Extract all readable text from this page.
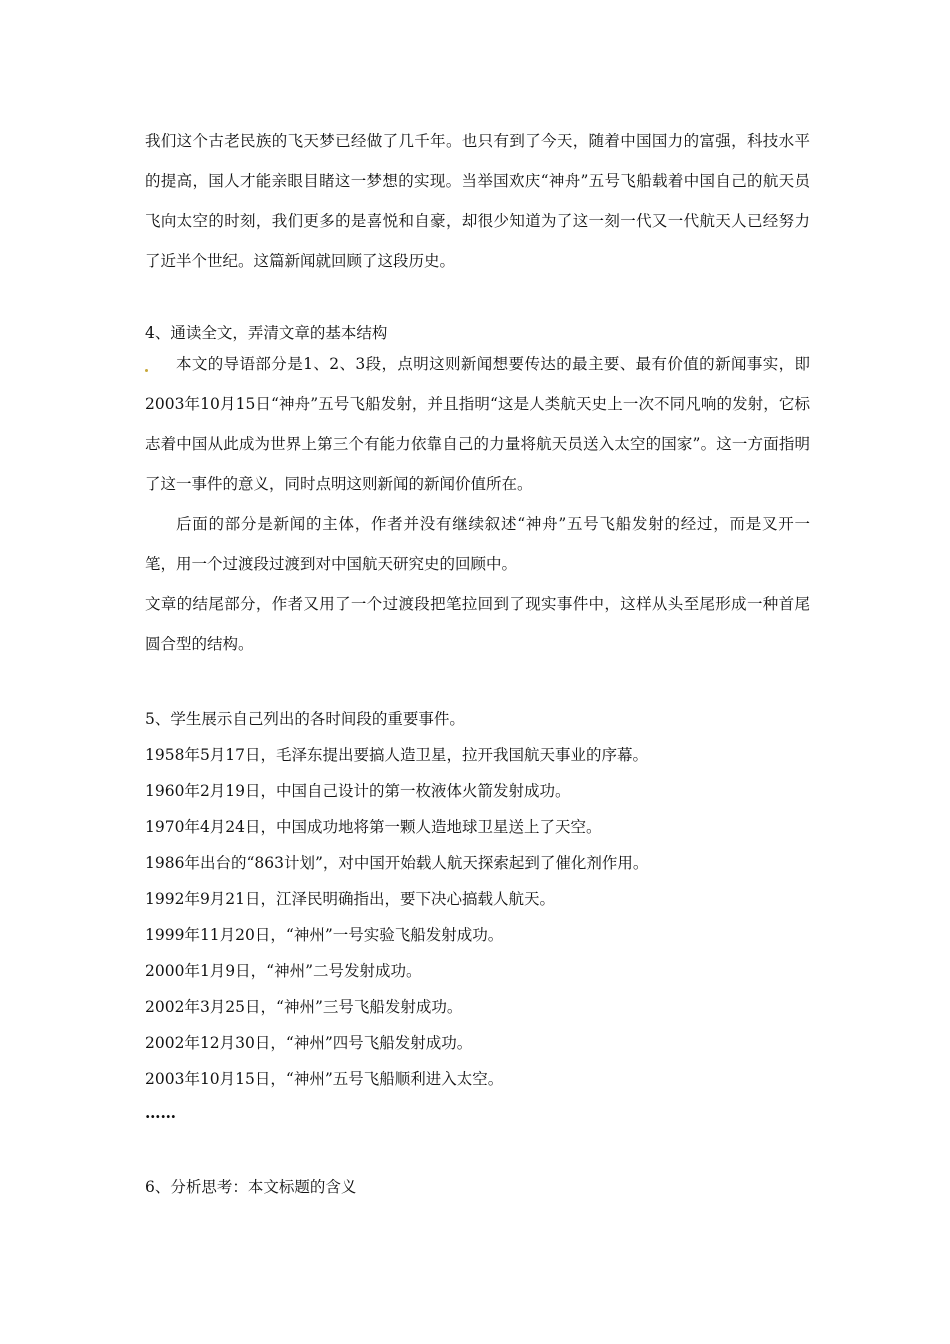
我们这个古老民族的飞天梦已经做了几千年。也只有到了今天，随着中国国力的富强，科技水平的提高，国人才能亲眼目睹这一梦想的实现。当举国欢庆“神舟”五号飞船载着中国自己的航天员飞向太空的时刻，我们更多的是喜悦和自豪，却很少知道为了这一刻一代又一代航天人已经努力了近半个世纪。这篇新闻就回顾了这段历史。

4、通读全文，弄清文章的基本结构

本文的导语部分是1、2、3段，点明这则新闻想要传达的最主要、最有价值的新闻事实，即2003年10月15日“神舟”五号飞船发射，并且指明“这是人类航天史上一次不同凡响的发射，它标志着中国从此成为世界上第三个有能力依靠自己的力量将航天员送入太空的国家”。这一方面指明了这一事件的意义，同时点明这则新闻的新闻价值所在。

后面的部分是新闻的主体，作者并没有继续叙述“神舟”五号飞船发射的经过，而是叉开一笔，用一个过渡段过渡到对中国航天研究史的回顾中。

文章的结尾部分，作者又用了一个过渡段把笔拉回到了现实事件中，这样从头至尾形成一种首尾圆合型的结构。

5、学生展示自己列出的各时间段的重要事件。

1958年5月17日，毛泽东提出要搞人造卫星，拉开我国航天事业的序幕。

1960年2月19日，中国自己设计的第一枚液体火箭发射成功。

1970年4月24日，中国成功地将第一颗人造地球卫星送上了天空。

1986年出台的“863计划”，对中国开始载人航天探索起到了催化剂作用。

1992年9月21日，江泽民明确指出，要下决心搞载人航天。

1999年11月20日，“神州”一号实验飞船发射成功。

2000年1月9日，“神州”二号发射成功。

2002年3月25日，“神州”三号飞船发射成功。

2002年12月30日，“神州”四号飞船发射成功。

2003年10月15日，“神州”五号飞船顺利进入太空。

……

6、分析思考：本文标题的含义
